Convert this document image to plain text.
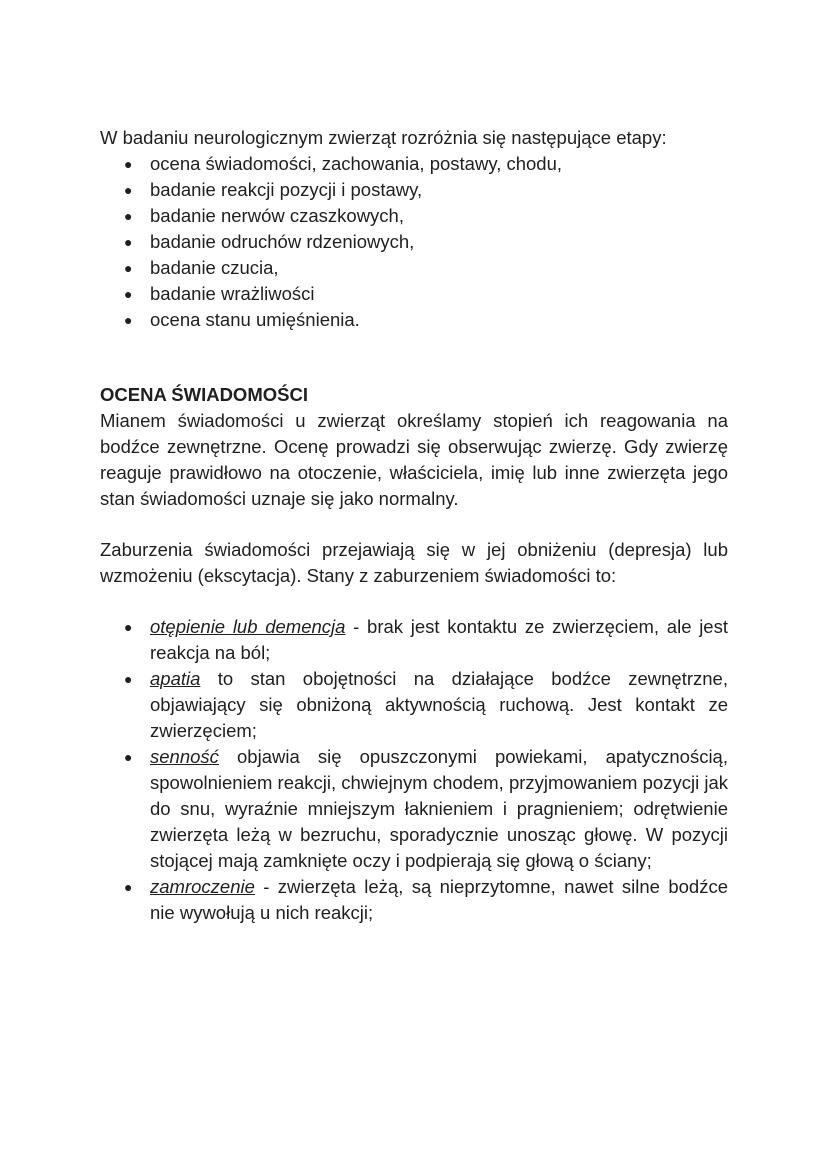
W badaniu neurologicznym zwierząt rozróżnia się następujące etapy:

● ocena świadomości, zachowania, postawy, chodu,
● badanie reakcji pozycji i postawy,
● badanie nerwów czaszkowych,
● badanie odruchów rdzeniowych,
● badanie czucia,
● badanie wrażliwości
● ocena stanu umięśnienia.

OCENA ŚWIADOMOŚCI

Mianem świadomości u zwierząt określamy stopień ich reagowania na bodźce zewnętrzne. Ocenę prowadzi się obserwując zwierzę. Gdy zwierzę reaguje prawidłowo na otoczenie, właściciela, imię lub inne zwierzęta jego stan świadomości uznaje się jako normalny.

Zaburzenia świadomości przejawiają się w jej obniżeniu (depresja) lub wzmożeniu (ekscytacja). Stany z zaburzeniem świadomości to:

● otępienie lub demencja - brak jest kontaktu ze zwierzęciem, ale jest reakcja na ból;
● apatia to stan obojętności na działające bodźce zewnętrzne, objawiający się obniżoną aktywnością ruchową. Jest kontakt ze zwierzęciem;
● senność objawia się opuszczonymi powiekami, apatycznością, spowolnieniem reakcji, chwiejnym chodem, przyjmowaniem pozycji jak do snu, wyraźnie mniejszym łaknieniem i pragnieniem; odrętwienie zwierzęta leżą w bezruchu, sporadycznie unosząc głowę. W pozycji stojącej mają zamknięte oczy i podpierają się głową o ściany;
● zamroczenie - zwierzęta leżą, są nieprzytomne, nawet silne bodźce nie wywołują u nich reakcji;
